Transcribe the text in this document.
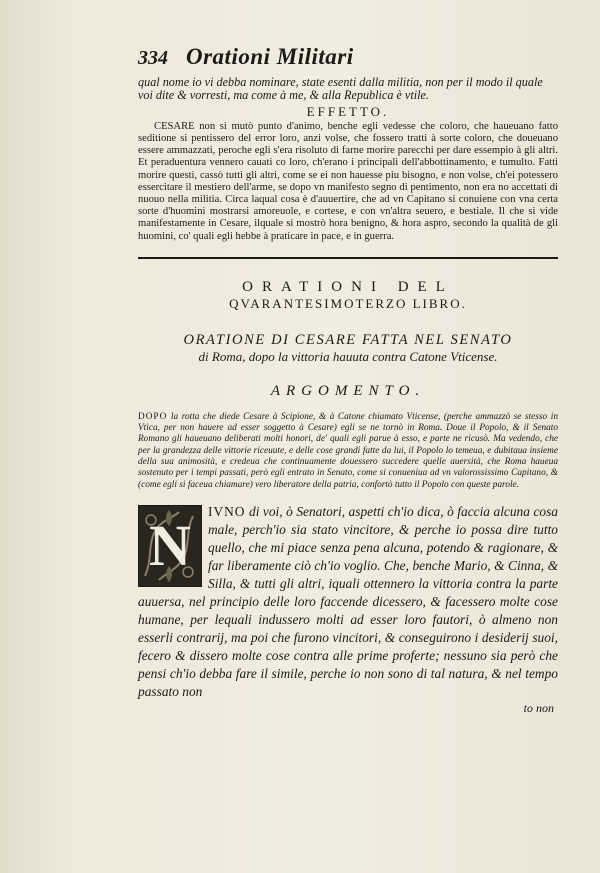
334 Orationi Militari

qual nome io vi debba nominare, state esenti dalla militia, non per il modo il quale voi dite & vorresti, ma come à me, & alla Republica è vtile.

EFFETTO.

CESARE non si mutò punto d'animo, benche egli vedesse che coloro, che haueuano fatto seditione si pentissero del error loro, anzi volse, che fossero tratti à sorte coloro, che doueuano essere ammazzati, peroche egli s'era risoluto di farne morire parecchi per dare essempio à gli altri. Et peraduentura vennero cauati co loro, ch'erano i principali dell'abbottinamento, e tumulto. Fatti morire questi, cassò tutti gli altri, come se ei non hauesse piu bisogno, e non volse, ch'ei potessero essercitare il mestiero dell'arme, se dopo vn manifesto segno di pentimento, non era no accettati di nuouo nella militia. Circa laqual cosa è d'auuertire, che ad vn Capitano si conuiene con vna certa sorte d'huomini mostrarsi amoreuole, e cortese, e con vn'altra seuero, e bestiale. Il che si vide manifestamente in Cesare, ilquale si mostrò hora benigno, & hora aspro, secondo la qualità de gli huomini, co' quali egli hebbe à praticare in pace, e in guerra.

ORATIONI DEL

QVARANTESIMOTERZO LIBRO.

ORATIONE DI CESARE FATTA NEL SENATO

di Roma, dopo la vittoria hauuta contra Catone Vticense.

ARGOMENTO.

DOPO la rotta che diede Cesare à Scipione, & à Catone chiamato Vticense, (perche ammazzò se stesso in Vtica, per non hauere ad esser soggetto à Cesare) egli se ne tornò in Roma. Doue il Popolo, & il Senato Romano gli haueuano deliberati molti honori, de' quali egli parue à esso, e parte ne ricusò. Ma vedendo, che per la grandezza delle vittorie riceuute, e delle cose grandi fatte da lui, il Popolo lo temeua, e dubitaua insieme della sua animosità, e credeua che continuamente douessero succedere quelle auersità, che Roma haueua sostenuto per i tempi passati, però egli entrato in Senato, come si conueniua ad vn valorossissimo Capitano, & (come egli si faceua chiamare) vero liberatore della patria, confortò tutto il Popolo con queste parole.

N

IVNO di voi, ò Senatori, aspetti ch'io dica, ò faccia alcuna cosa male, perch'io sia stato vincitore, & perche io possa dire tutto quello, che mi piace senza pena alcuna, potendo & ragionare, & far liberamente ciò ch'io voglio. Che, benche Mario, & Cinna, & Silla, & tutti gli altri, iquali ottennero la vittoria contra la parte auuersa, nel principio delle loro faccende dicessero, & facessero molte cose humane, per lequali indussero molti ad esser loro fautori, ò almeno non esserli contrarij, ma poi che furono vincitori, & conseguirono i desiderij suoi, fecero & dissero molte cose contra alle prime proferte; nessuno sia però che pensi ch'io debba fare il simile, perche io non sono di tal natura, & nel tempo passato non

to non
